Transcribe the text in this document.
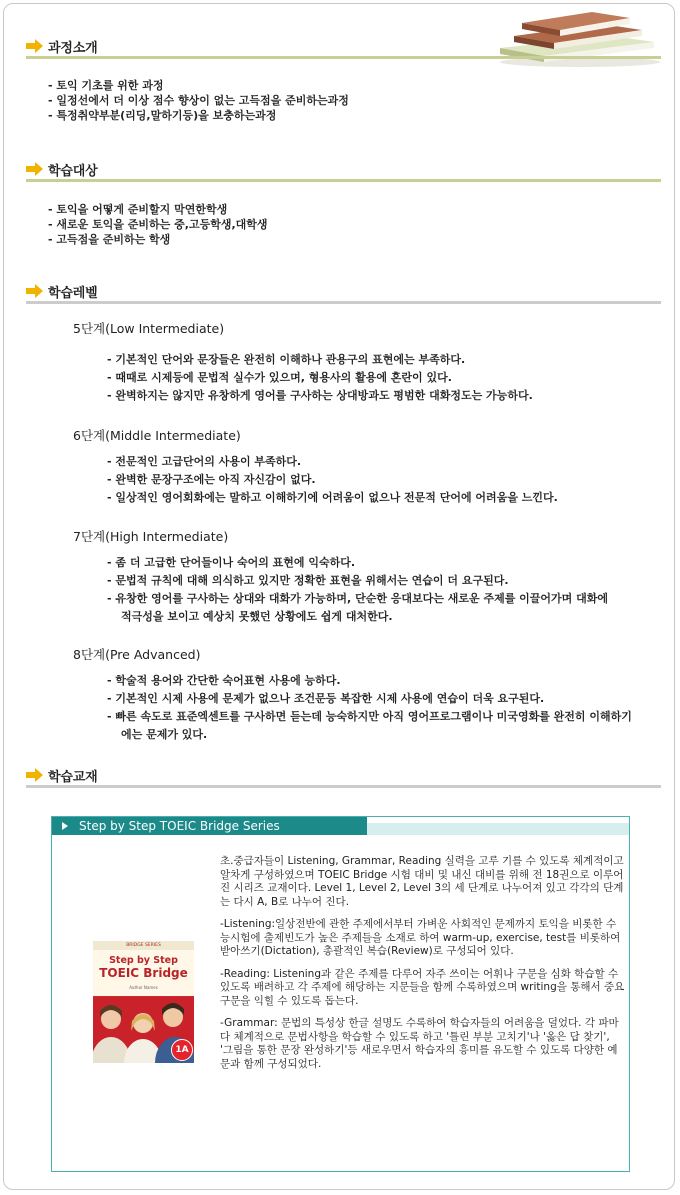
과정소개
- 토익 기초를 위한 과정
- 일정선에서 더 이상 점수 향상이 없는 고득점을 준비하는과정
- 특정취약부분(리딩,말하기등)을 보충하는과정
학습대상
- 토익을 어떻게 준비할지 막연한학생
- 새로운 토익을 준비하는 중,고등학생,대학생
- 고득점을 준비하는 학생
학습레벨

5단계(Low Intermediate)

- 기본적인 단어와 문장들은 완전히 이해하나 관용구의 표현에는 부족하다.
- 때때로 시제등에 문법적 실수가 있으며, 형용사의 활용에 혼란이 있다.
- 완벽하지는 않지만 유창하게 영어를 구사하는 상대방과도 평범한 대화정도는 가능하다.

6단계(Middle Intermediate)

- 전문적인 고급단어의 사용이 부족하다.
- 완벽한 문장구조에는 아직 자신감이 없다.
- 일상적인 영어회화에는 말하고 이해하기에 어려움이 없으나 전문적 단어에 어려움을 느낀다.

7단계(High Intermediate)

- 좀 더 고급한 단어들이나 숙어의 표현에 익숙하다.
- 문법적 규칙에 대해 의식하고 있지만 정확한 표현을 위해서는 연습이 더 요구된다.
- 유창한 영어를 구사하는 상대와 대화가 가능하며, 단순한 응대보다는 새로운 주제를 이끌어가며 대화에 적극성을 보이고 예상치 못했던 상황에도 쉽게 대처한다.

8단계(Pre Advanced)

- 학술적 용어와 간단한 숙어표현 사용에 능하다.
- 기본적인 시제 사용에 문제가 없으나 조건문등 복잡한 시제 사용에 연습이 더욱 요구된다.
- 빠른 속도로 표준엑센트를 구사하면 듣는데 능숙하지만 아직 영어프로그램이나 미국영화를 완전히 이해하기에는 문제가 있다.
학습교재
Step by Step TOEIC Bridge Series
BRIDGE SERIES
Step by Step
TOEIC Bridge
Author Names
1A

초.중급자들이 Listening, Grammar, Reading 실력을 고루 기를 수 있도록 체계적이고 알차게 구성하였으며 TOEIC Bridge 시험 대비 및 내신 대비를 위해 전 18권으로 이루어진 시리즈 교재이다. Level 1, Level 2, Level 3의 세 단계로 나누어져 있고 각각의 단계는 다시 A, B로 나누어 진다.

-Listening:일상전반에 관한 주제에서부터 가벼운 사회적인 문제까지 토익을 비롯한 수능시험에 출제빈도가 높은 주제들을 소재로 하여 warm-up, exercise, test를 비롯하여 받아쓰기(Dictation), 총괄적인 복습(Review)로 구성되어 있다.

-Reading: Listening과 같은 주제를 다루어 자주 쓰이는 어휘나 구문을 심화 학습할 수 있도록 배려하고 각 주제에 해당하는 지문들을 함께 수록하였으며 writing을 통해서 중요 구문을 익힐 수 있도록 돕는다.

-Grammar: 문법의 특성상 한글 설명도 수록하여 학습자들의 어려움을 덜었다. 각 파마다 체계적으로 문법사항을 학습할 수 있도록 하고 '틀린 부분 고치기'나 '옳은 답 찾기', '그림을 통한 문장 완성하기'등 새로우면서 학습자의 흥미를 유도할 수 있도록 다양한 예문과 함께 구성되었다.
